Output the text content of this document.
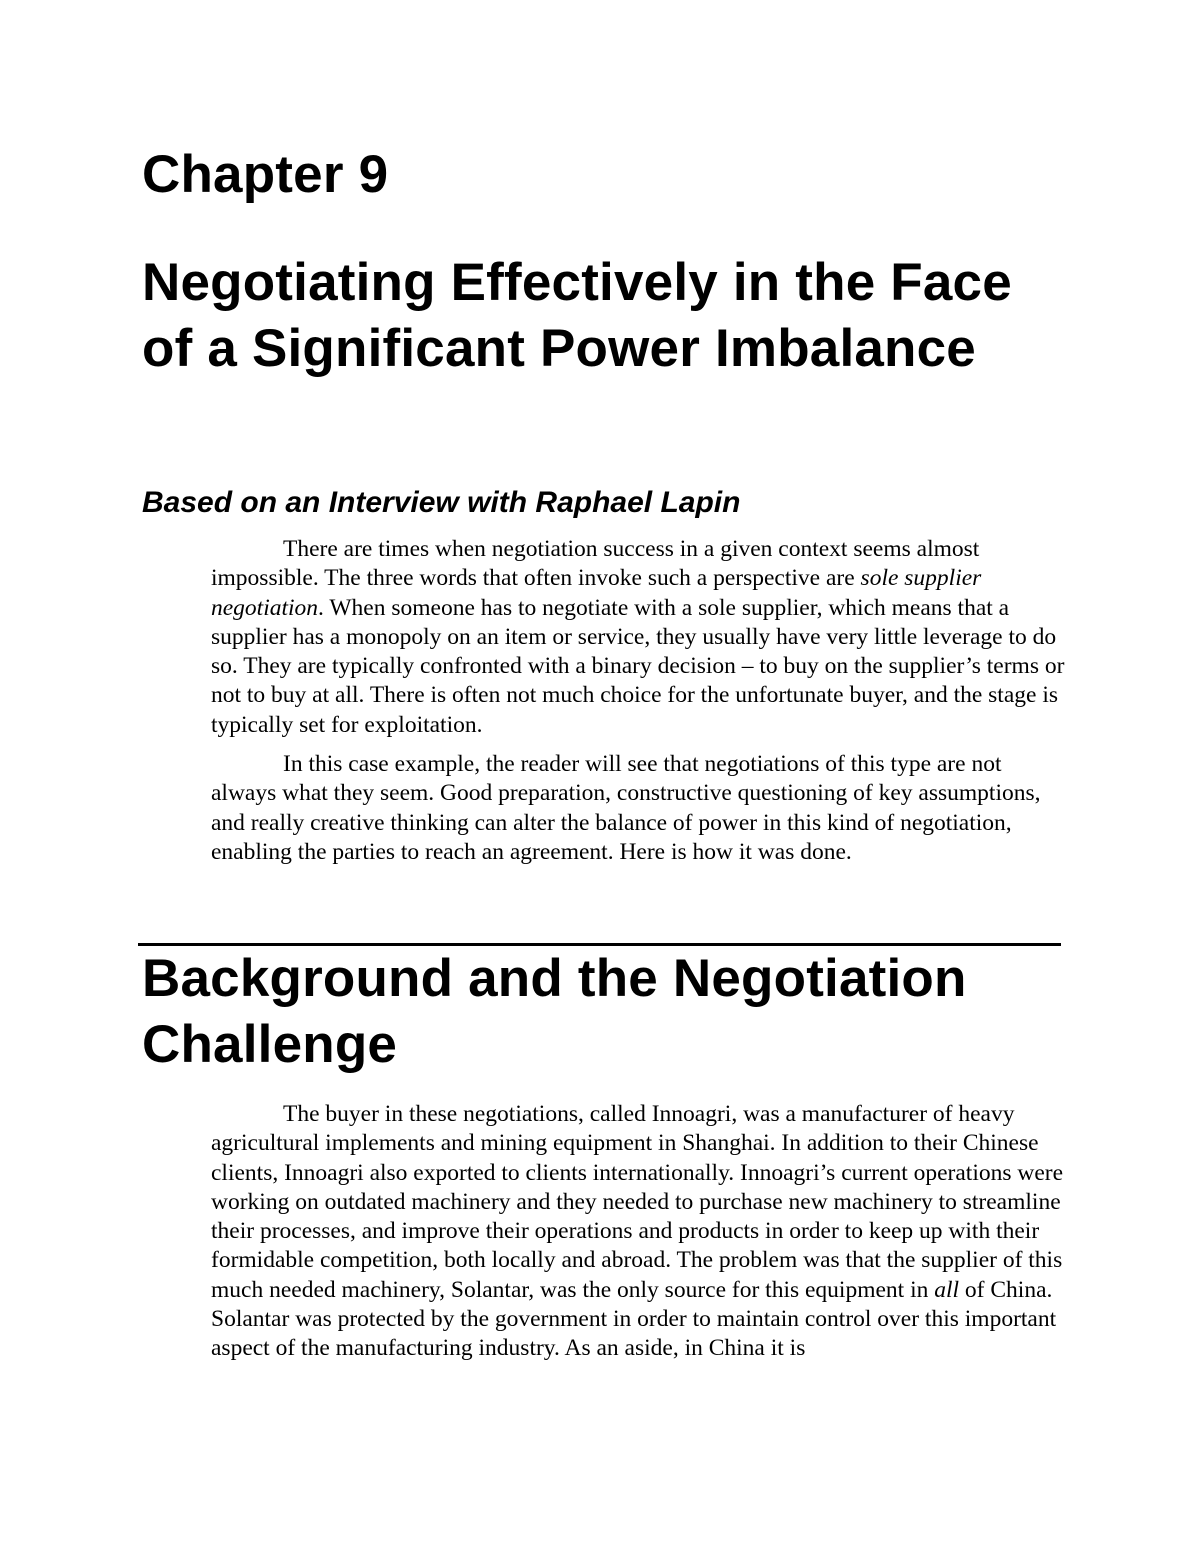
Chapter 9
Negotiating Effectively in the Face of a Significant Power Imbalance
Based on an Interview with Raphael Lapin

There are times when negotiation success in a given context seems almost impossible. The three words that often invoke such a perspective are sole supplier negotiation. When someone has to negotiate with a sole supplier, which means that a supplier has a monopoly on an item or service, they usually have very little leverage to do so. They are typically confronted with a binary decision – to buy on the supplier’s terms or not to buy at all. There is often not much choice for the unfortunate buyer, and the stage is typically set for exploitation.

In this case example, the reader will see that negotiations of this type are not always what they seem. Good preparation, constructive questioning of key assumptions, and really creative thinking can alter the balance of power in this kind of negotiation, enabling the parties to reach an agreement. Here is how it was done.

Background and the Negotiation Challenge

The buyer in these negotiations, called Innoagri, was a manufacturer of heavy agricultural implements and mining equipment in Shanghai. In addition to their Chinese clients, Innoagri also exported to clients internationally. Innoagri’s current operations were working on outdated machinery and they needed to purchase new machinery to streamline their processes, and improve their operations and products in order to keep up with their formidable competition, both locally and abroad. The problem was that the supplier of this much needed machinery, Solantar, was the only source for this equipment in all of China. Solantar was protected by the government in order to maintain control over this important aspect of the manufacturing industry. As an aside, in China it is
